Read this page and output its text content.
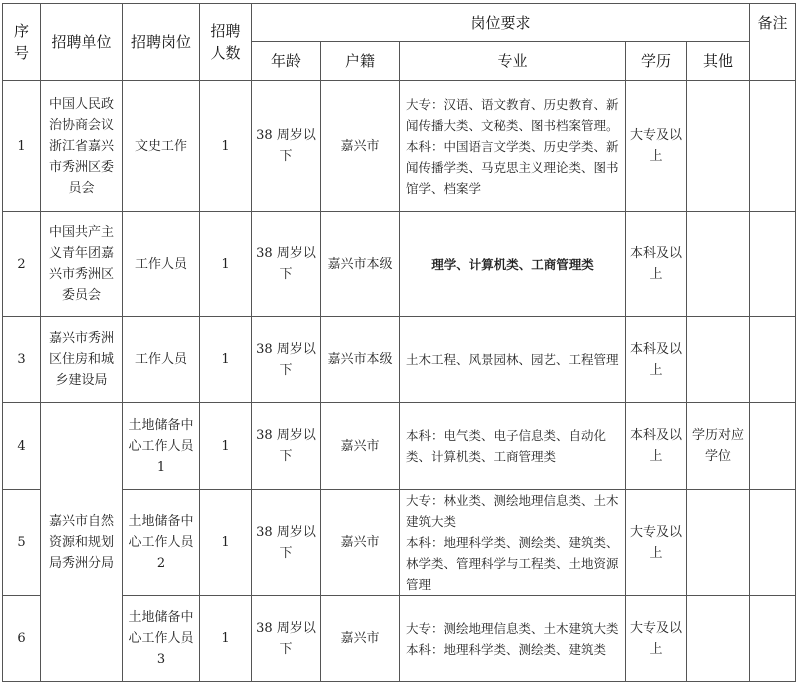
序号	招聘单位	招聘岗位	招聘人数	岗位要求					备注
				年龄	户籍	专业	学历	其他	
1	中国人民政治协商会议浙江省嘉兴市秀洲区委员会	文史工作	1	38 周岁以下	嘉兴市	大专：汉语、语文教育、历史教育、新闻传播大类、文秘类、图书档案管理。
本科：中国语言文学类、历史学类、新闻传播学类、马克思主义理论类、图书馆学、档案学	大专及以上		
2	中国共产主义青年团嘉兴市秀洲区委员会	工作人员	1	38 周岁以下	嘉兴市本级	理学、计算机类、工商管理类	本科及以上		
3	嘉兴市秀洲区住房和城乡建设局	工作人员	1	38 周岁以下	嘉兴市本级	土木工程、风景园林、园艺、工程管理	本科及以上		
4	嘉兴市自然资源和规划局秀洲分局	土地储备中心工作人员 1	1	38 周岁以下	嘉兴市	本科：电气类、电子信息类、自动化类、计算机类、工商管理类	本科及以上	学历对应学位	
5		土地储备中心工作人员 2	1	38 周岁以下	嘉兴市	大专：林业类、测绘地理信息类、土木建筑大类
本科：地理科学类、测绘类、建筑类、林学类、管理科学与工程类、土地资源管理	大专及以上		
6		土地储备中心工作人员 3	1	38 周岁以下	嘉兴市	大专：测绘地理信息类、土木建筑大类
本科：地理科学类、测绘类、建筑类	大专及以上		
